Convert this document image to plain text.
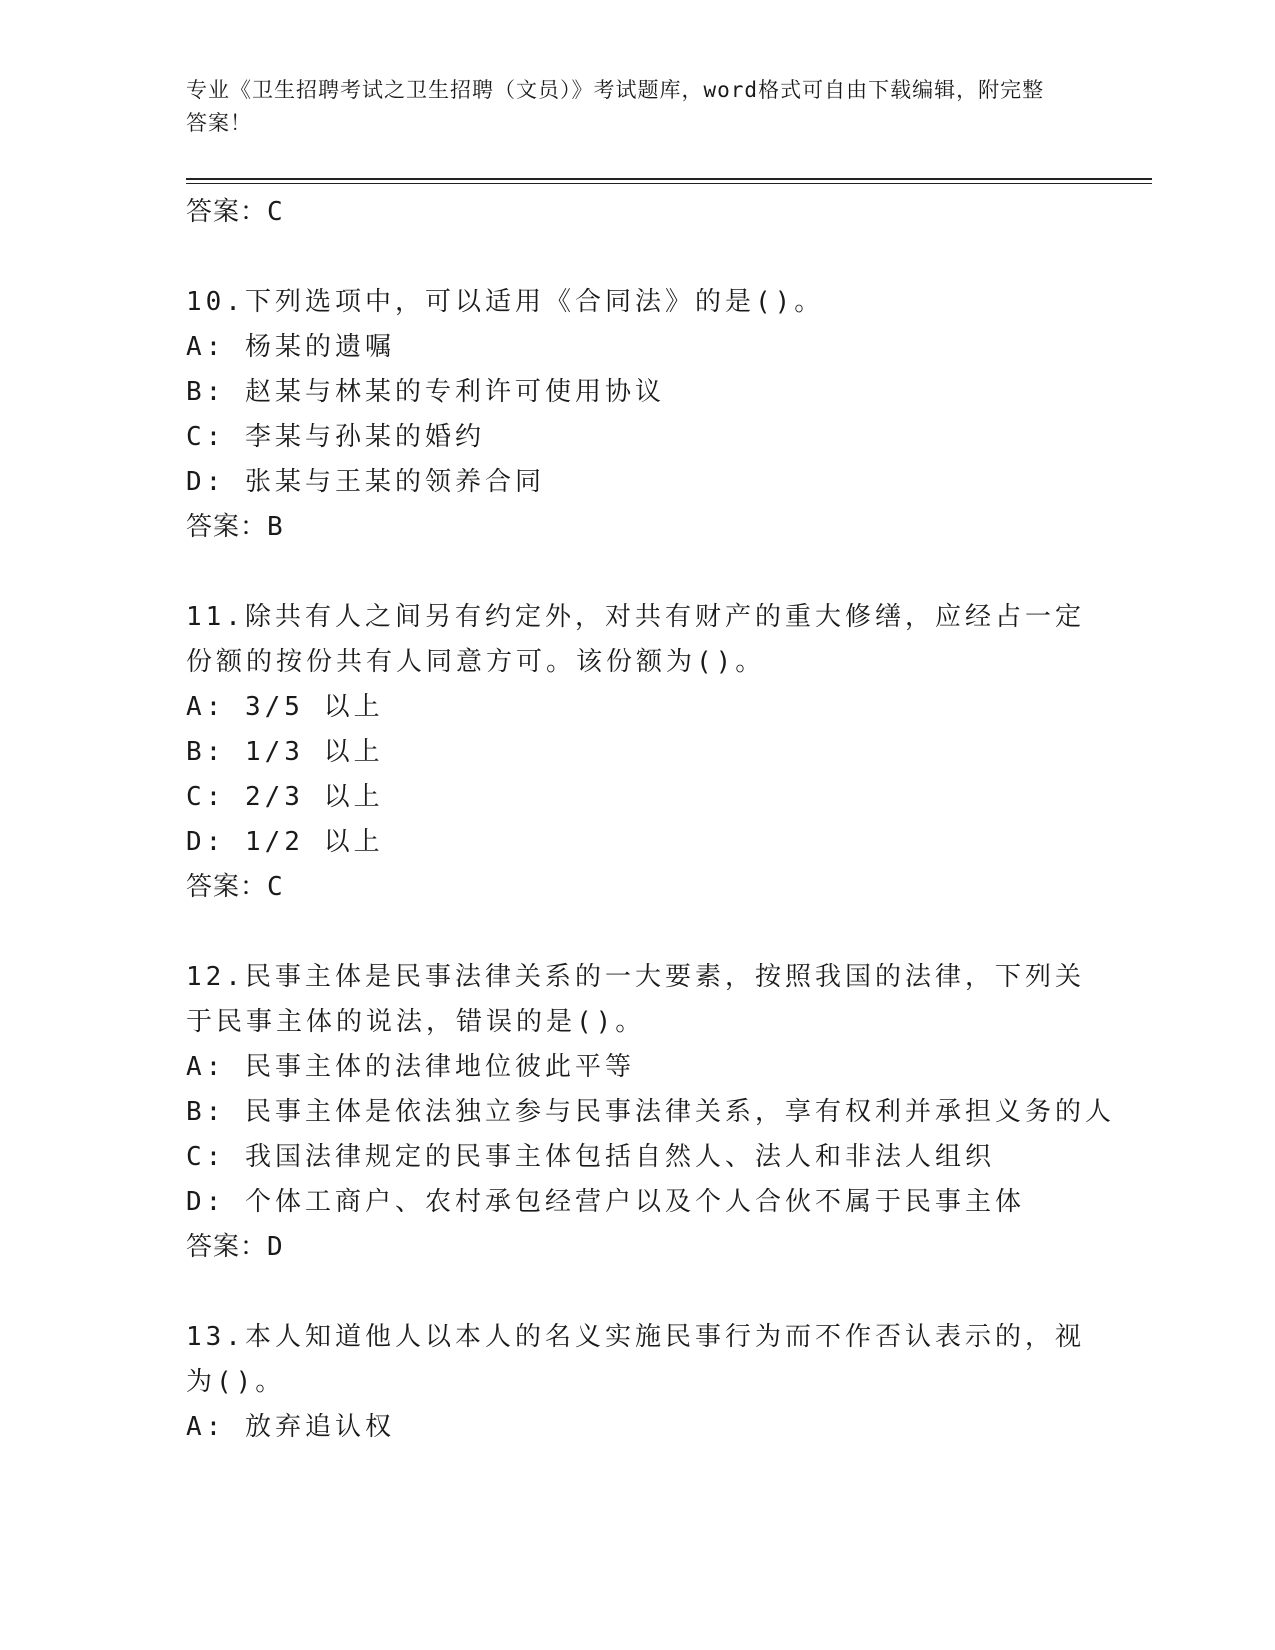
专业《卫生招聘考试之卫生招聘（文员）》考试题库，word格式可自由下载编辑，附完整答案！
答案：C
10.下列选项中，可以适用《合同法》的是()。
A: 杨某的遗嘱
B: 赵某与林某的专利许可使用协议
C: 李某与孙某的婚约
D: 张某与王某的领养合同
答案：B
11.除共有人之间另有约定外，对共有财产的重大修缮，应经占一定份额的按份共有人同意方可。该份额为()。
A: 3/5 以上
B: 1/3 以上
C: 2/3 以上
D: 1/2 以上
答案：C
12.民事主体是民事法律关系的一大要素，按照我国的法律，下列关于民事主体的说法，错误的是()。
A: 民事主体的法律地位彼此平等
B: 民事主体是依法独立参与民事法律关系，享有权利并承担义务的人
C: 我国法律规定的民事主体包括自然人、法人和非法人组织
D: 个体工商户、农村承包经营户以及个人合伙不属于民事主体
答案：D
13.本人知道他人以本人的名义实施民事行为而不作否认表示的，视为()。
A: 放弃追认权
